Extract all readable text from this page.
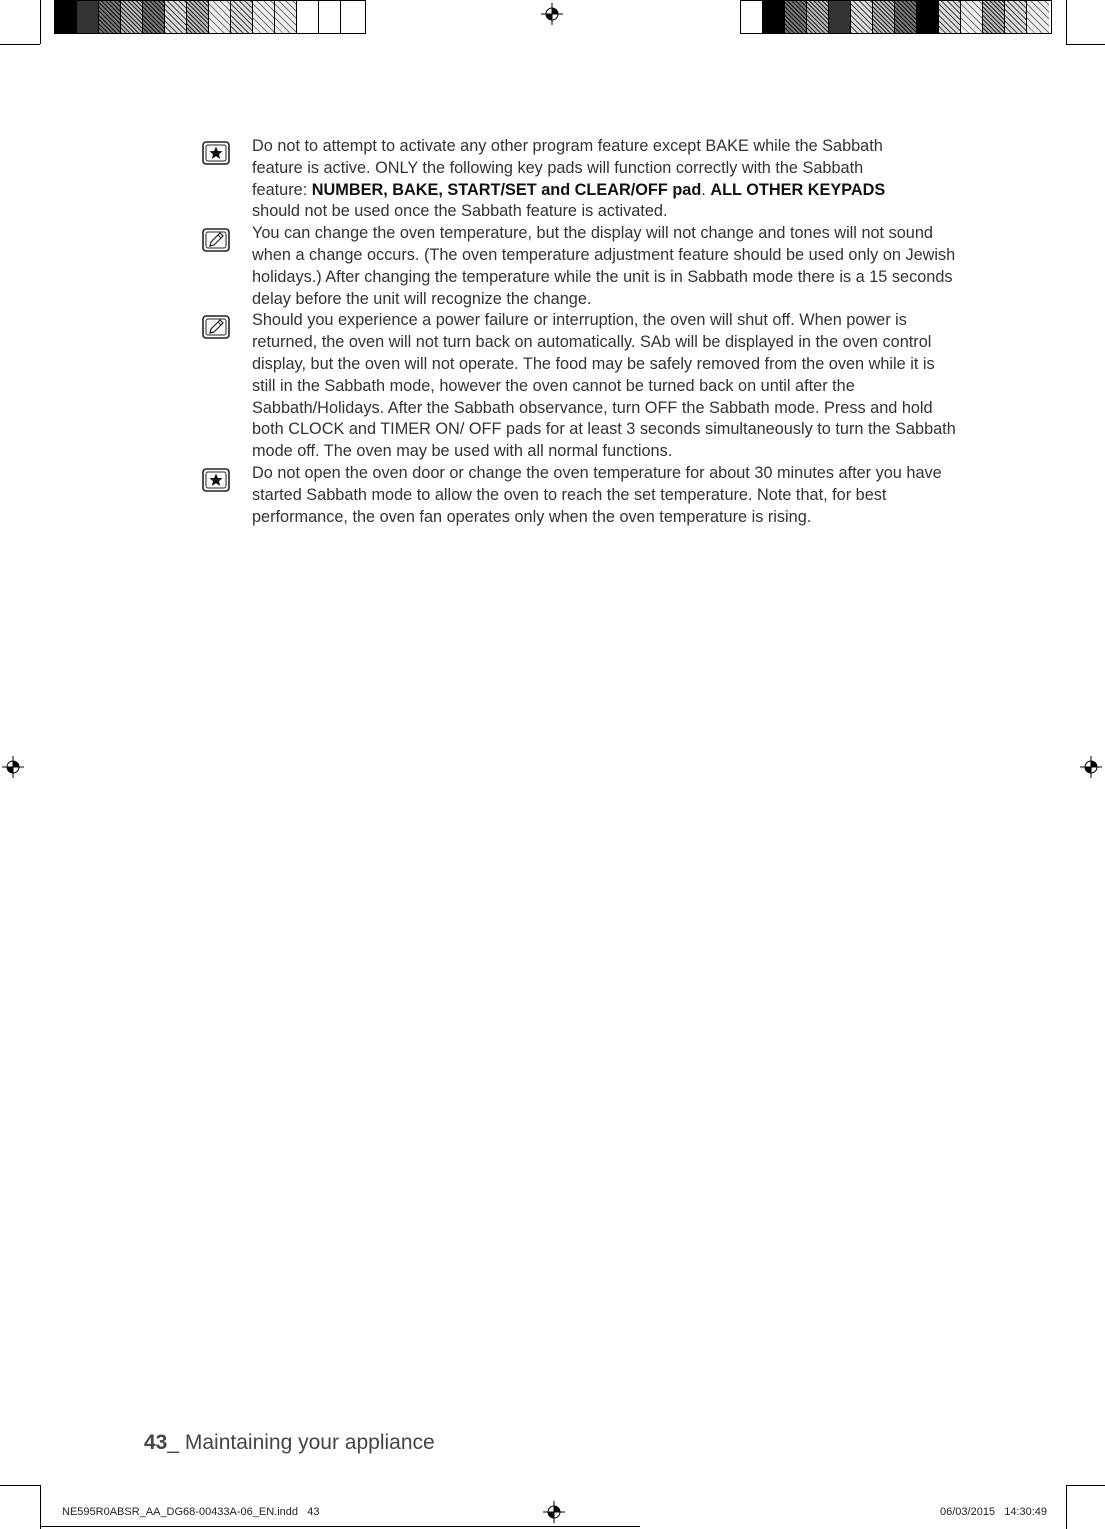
Do not to attempt to activate any other program feature except BAKE while the Sabbath
feature is active. ONLY the following key pads will function correctly with the Sabbath
feature: NUMBER, BAKE, START/SET and CLEAR/OFF pad. ALL OTHER KEYPADS
should not be used once the Sabbath feature is activated.

You can change the oven temperature, but the display will not change and tones will not sound when a change occurs. (The oven temperature adjustment feature should be used only on Jewish holidays.) After changing the temperature while the unit is in Sabbath mode there is a 15 seconds delay before the unit will recognize the change.

Should you experience a power failure or interruption, the oven will shut off. When power is returned, the oven will not turn back on automatically. SAb will be displayed in the oven control display, but the oven will not operate. The food may be safely removed from the oven while it is still in the Sabbath mode, however the oven cannot be turned back on until after the Sabbath/Holidays. After the Sabbath observance, turn OFF the Sabbath mode. Press and hold both CLOCK and TIMER ON/ OFF pads for at least 3 seconds simultaneously to turn the Sabbath mode off. The oven may be used with all normal functions.

Do not open the oven door or change the oven temperature for about 30 minutes after you have started Sabbath mode to allow the oven to reach the set temperature. Note that, for best performance, the oven fan operates only when the oven temperature is rising.

43_ Maintaining your appliance
NE595R0ABSR_AA_DG68-00433A-06_EN.indd   43	06/03/2015   14:30:49
